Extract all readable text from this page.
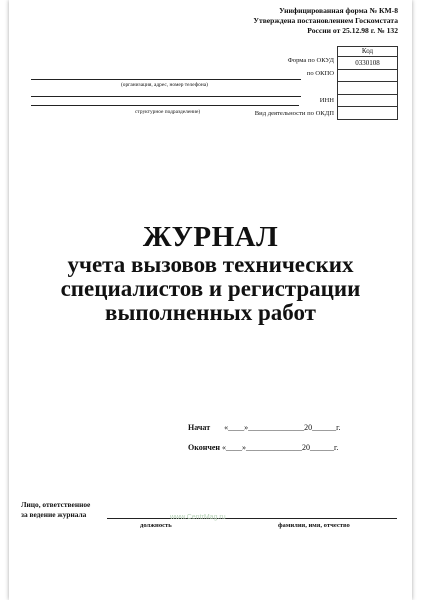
Унифицированная форма № КМ-8
Утверждена постановлением Госкомстата
России от 25.12.98 г. № 132
Код
0330108
Форма по ОКУД
по ОКПО
ИНН
Вид деятельности по ОКДП
(организация, адрес, номер телефона)
структурное подразделение)
ЖУРНАЛ
учета вызовов технических
специалистов и регистрации
выполненных работ
Начат «____»______________20______г.
Окончен «____»______________20______г.
Лицо, ответственное
за ведение журнала
должность	фамилия, имя, отчество
www.CentrMag.ru
